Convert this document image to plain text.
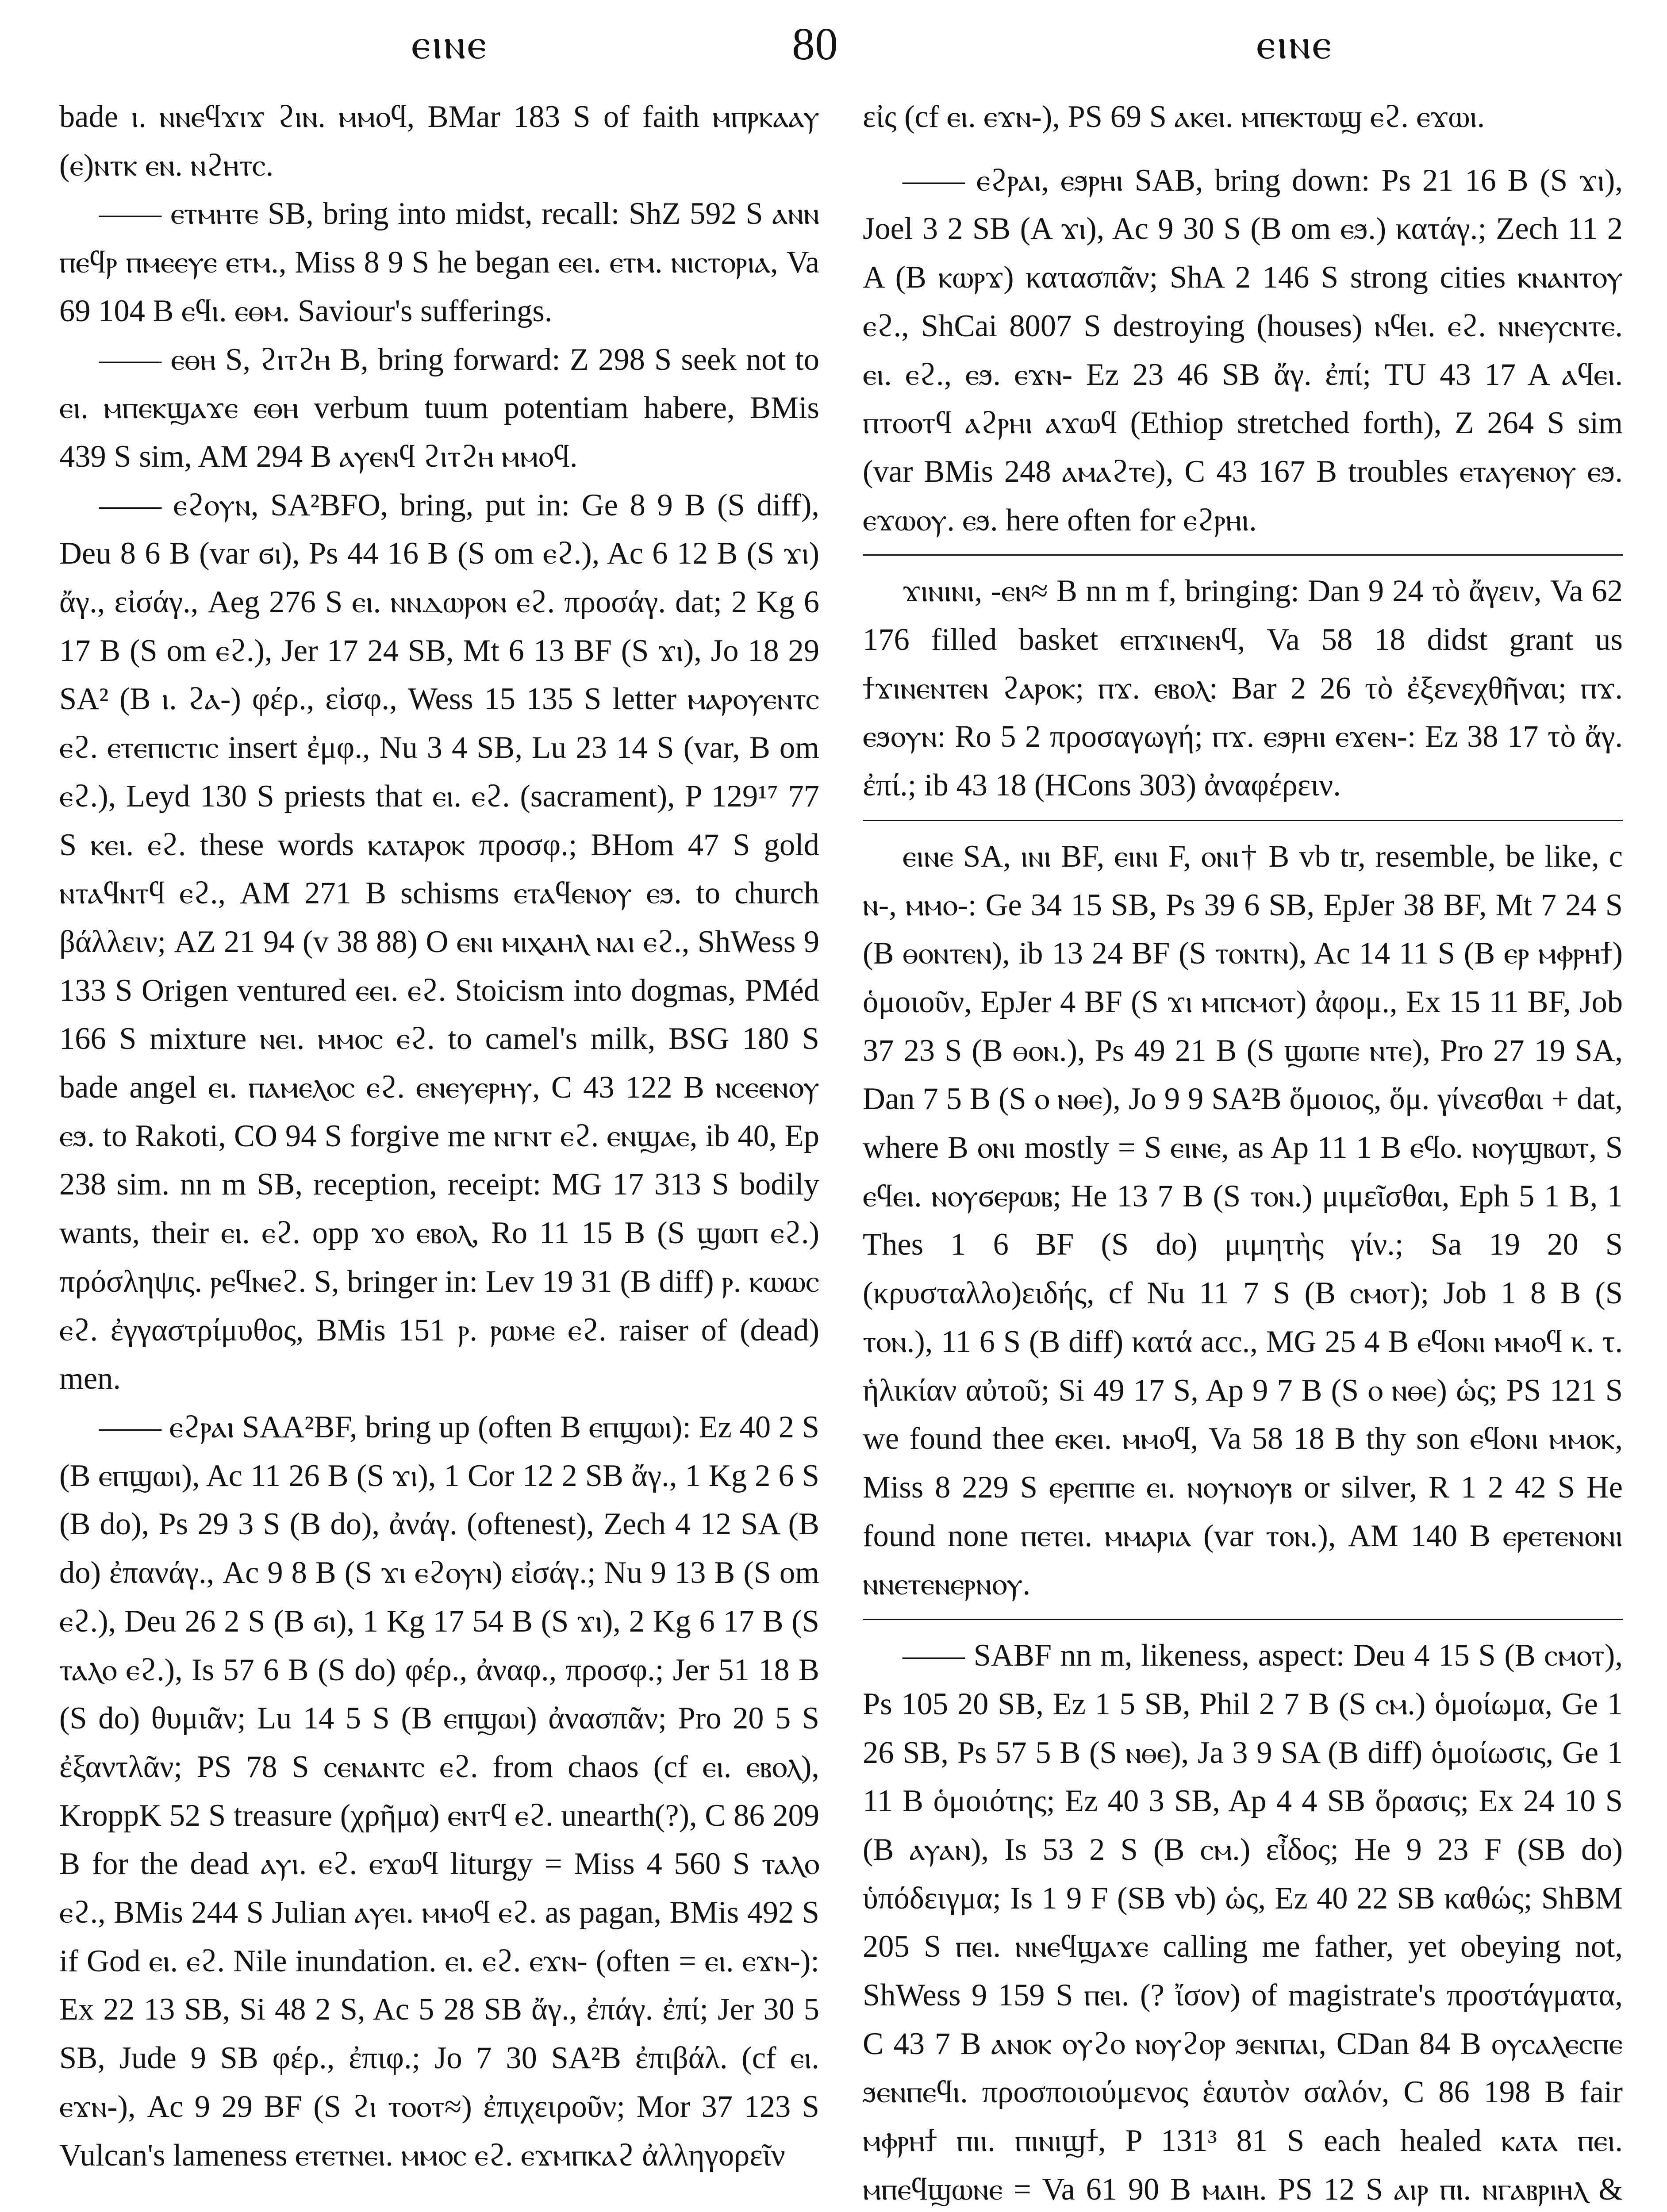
ⲉⲓⲛⲉ	80	ⲉⲓⲛⲉ

bade ⲓ. ⲛⲛⲉϥϫⲓϫ ϩⲓⲛ. ⲙⲙⲟϥ, BMar 183 S of faith ⲙⲡⲣⲕⲁⲁⲩ (ⲉ)ⲛⲧⲕ ⲉⲛ. ⲛϩⲏⲧⲥ.

—— ⲉⲧⲙⲏⲧⲉ SB, bring into midst, recall: ShZ 592 S ⲁⲛⲛ ⲡⲉϥⲣ ⲡⲙⲉⲉⲩⲉ ⲉⲧⲙ., Miss 8 9 S he began ⲉⲉⲓ. ⲉⲧⲙ. ⲛⲓⲥⲧⲟⲣⲓⲁ, Va 69 104 B ⲉϥⲓ. ⲉⲑⲙ. Saviour's sufferings.

—— ⲉⲑⲏ S, ϩⲓⲧϩⲏ B, bring forward: Z 298 S seek not to ⲉⲓ. ⲙⲡⲉⲕϣⲁϫⲉ ⲉⲑⲏ verbum tuum potentiam habere, BMis 439 S sim, AM 294 B ⲁⲩⲉⲛϥ ϩⲓⲧϩⲏ ⲙⲙⲟϥ.

—— ⲉϩⲟⲩⲛ, SA²BFO, bring, put in: Ge 8 9 B (S diff), Deu 8 6 B (var ϭⲓ), Ps 44 16 B (S om ⲉϩ.), Ac 6 12 B (S ϫⲓ) ἄγ., εἰσάγ., Aeg 276 S ⲉⲓ. ⲛⲛⲇⲱⲣⲟⲛ ⲉϩ. προσάγ. dat; 2 Kg 6 17 B (S om ⲉϩ.), Jer 17 24 SB, Mt 6 13 BF (S ϫⲓ), Jo 18 29 SA² (B ⲓ. ϩⲁ-) φέρ., εἰσφ., Wess 15 135 S letter ⲙⲁⲣⲟⲩⲉⲛⲧⲥ ⲉϩ. ⲉⲧⲉⲡⲓⲥⲧⲓⲥ insert ἐμφ., Nu 3 4 SB, Lu 23 14 S (var, B om ⲉϩ.), Leyd 130 S priests that ⲉⲓ. ⲉϩ. (sacrament), P 129¹⁷ 77 S ⲕⲉⲓ. ⲉϩ. these words ⲕⲁⲧⲁⲣⲟⲕ προσφ.; BHom 47 S gold ⲛⲧⲁϥⲛⲧϥ ⲉϩ., AM 271 B schisms ⲉⲧⲁϥⲉⲛⲟⲩ ⲉϧ. to church βάλλειν; AZ 21 94 (v 38 88) O ⲉⲛⲓ ⲙⲓⲭⲁⲏⲗ ⲛⲁⲓ ⲉϩ., ShWess 9 133 S Origen ventured ⲉⲉⲓ. ⲉϩ. Stoicism into dogmas, PMéd 166 S mixture ⲛⲉⲓ. ⲙⲙⲟⲥ ⲉϩ. to camel's milk, BSG 180 S bade angel ⲉⲓ. ⲡⲁⲙⲉⲗⲟⲥ ⲉϩ. ⲉⲛⲉⲩⲉⲣⲏⲩ, C 43 122 B ⲛⲥⲉⲉⲛⲟⲩ ⲉϧ. to Rakoti, CO 94 S forgive me ⲛⲅⲛⲧ ⲉϩ. ⲉⲛϣⲁⲉ, ib 40, Ep 238 sim. nn m SB, reception, receipt: MG 17 313 S bodily wants, their ⲉⲓ. ⲉϩ. opp ϫⲟ ⲉⲃⲟⲗ, Ro 11 15 B (S ϣⲱⲡ ⲉϩ.) πρόσληψις. ⲣⲉϥⲛⲉϩ. S, bringer in: Lev 19 31 (B diff) ⲣ. ⲕⲱⲱⲥ ⲉϩ. ἐγγαστρίμυθος, BMis 151 ⲣ. ⲣⲱⲙⲉ ⲉϩ. raiser of (dead) men.

—— ⲉϩⲣⲁⲓ SAA²BF, bring up (often B ⲉⲡϣⲱⲓ): Ez 40 2 S (B ⲉⲡϣⲱⲓ), Ac 11 26 B (S ϫⲓ), 1 Cor 12 2 SB ἄγ., 1 Kg 2 6 S (B do), Ps 29 3 S (B do), ἀνάγ. (oftenest), Zech 4 12 SA (B do) ἐπανάγ., Ac 9 8 B (S ϫⲓ ⲉϩⲟⲩⲛ) εἰσάγ.; Nu 9 13 B (S om ⲉϩ.), Deu 26 2 S (B ϭⲓ), 1 Kg 17 54 B (S ϫⲓ), 2 Kg 6 17 B (S ⲧⲁⲗⲟ ⲉϩ.), Is 57 6 B (S do) φέρ., ἀναφ., προσφ.; Jer 51 18 B (S do) θυμιᾶν; Lu 14 5 S (B ⲉⲡϣⲱⲓ) ἀνασπᾶν; Pro 20 5 S ἐξαντλᾶν; PS 78 S ⲥⲉⲛⲁⲛⲧⲥ ⲉϩ. from chaos (cf ⲉⲓ. ⲉⲃⲟⲗ), KroppK 52 S treasure (χρῆμα) ⲉⲛⲧϥ ⲉϩ. unearth(?), C 86 209 B for the dead ⲁⲩⲓ. ⲉϩ. ⲉϫⲱϥ liturgy = Miss 4 560 S ⲧⲁⲗⲟ ⲉϩ., BMis 244 S Julian ⲁⲩⲉⲓ. ⲙⲙⲟϥ ⲉϩ. as pagan, BMis 492 S if God ⲉⲓ. ⲉϩ. Nile inundation. ⲉⲓ. ⲉϩ. ⲉϫⲛ- (often = ⲉⲓ. ⲉϫⲛ-): Ex 22 13 SB, Si 48 2 S, Ac 5 28 SB ἄγ., ἐπάγ. ἐπί; Jer 30 5 SB, Jude 9 SB φέρ., ἐπιφ.; Jo 7 30 SA²B ἐπιβάλ. (cf ⲉⲓ. ⲉϫⲛ-), Ac 9 29 BF (S ϩⲓ ⲧⲟⲟⲧ≈) ἐπιχειροῦν; Mor 37 123 S Vulcan's lameness ⲉⲧⲉⲧⲛⲉⲓ. ⲙⲙⲟⲥ ⲉϩ. ⲉϫⲙⲡⲕⲁϩ ἀλληγορεῖν

εἰς (cf ⲉⲓ. ⲉϫⲛ-), PS 69 S ⲁⲕⲉⲓ. ⲙⲡⲉⲕⲧⲱϣ ⲉϩ. ⲉϫⲱⲓ.

—— ⲉϩⲣⲁⲓ, ⲉϧⲣⲏⲓ SAB, bring down: Ps 21 16 B (S ϫⲓ), Joel 3 2 SB (A ϫⲓ), Ac 9 30 S (B om ⲉϧ.) κατάγ.; Zech 11 2 A (B ⲕⲱⲣϫ) κατασπᾶν; ShA 2 146 S strong cities ⲕⲛⲁⲛⲧⲟⲩ ⲉϩ., ShCai 8007 S destroying (houses) ⲛϥⲉⲓ. ⲉϩ. ⲛⲛⲉⲩⲥⲛⲧⲉ. ⲉⲓ. ⲉϩ., ⲉϧ. ⲉϫⲛ- Ez 23 46 SB ἄγ. ἐπί; TU 43 17 A ⲁϥⲉⲓ. ⲡⲧⲟⲟⲧϥ ⲁϩⲣⲏⲓ ⲁϫⲱϥ (Ethiop stretched forth), Z 264 S sim (var BMis 248 ⲁⲙⲁϩⲧⲉ), C 43 167 B troubles ⲉⲧⲁⲩⲉⲛⲟⲩ ⲉϧ. ⲉϫⲱⲟⲩ. ⲉϧ. here often for ⲉϩⲣⲏⲓ.

ϫⲓⲛⲓⲛⲓ, -ⲉⲛ≈ B nn m f, bringing: Dan 9 24 τὸ ἄγειν, Va 62 176 filled basket ⲉⲡϫⲓⲛⲉⲛϥ, Va 58 18 didst grant us ϯϫⲓⲛⲉⲛⲧⲉⲛ ϩⲁⲣⲟⲕ; ⲡϫ. ⲉⲃⲟⲗ: Bar 2 26 τὸ ἐξενεχθῆναι; ⲡϫ. ⲉϧⲟⲩⲛ: Ro 5 2 προσαγωγή; ⲡϫ. ⲉϧⲣⲏⲓ ⲉϫⲉⲛ-: Ez 38 17 τὸ ἄγ. ἐπί.; ib 43 18 (HCons 303) ἀναφέρειν.

ⲉⲓⲛⲉ SA, ⲓⲛⲓ BF, ⲉⲓⲛⲓ F, ⲟⲛⲓ† B vb tr, resemble, be like, c ⲛ-, ⲙⲙⲟ-: Ge 34 15 SB, Ps 39 6 SB, EpJer 38 BF, Mt 7 24 S (B ⲑⲟⲛⲧⲉⲛ), ib 13 24 BF (S ⲧⲟⲛⲧⲛ), Ac 14 11 S (B ⲉⲣ ⲙⲫⲣⲏϯ) ὁμοιοῦν, EpJer 4 BF (S ϫⲓ ⲙⲡⲥⲙⲟⲧ) ἀφομ., Ex 15 11 BF, Job 37 23 S (B ⲑⲟⲛ.), Ps 49 21 B (S ϣⲱⲡⲉ ⲛⲧⲉ), Pro 27 19 SA, Dan 7 5 B (S ⲟ ⲛⲑⲉ), Jo 9 9 SA²B ὅμοιος, ὅμ. γίνεσθαι + dat, where B ⲟⲛⲓ mostly = S ⲉⲓⲛⲉ, as Ap 11 1 B ⲉϥⲟ. ⲛⲟⲩϣⲃⲱⲧ, S ⲉϥⲉⲓ. ⲛⲟⲩϭⲉⲣⲱⲃ; He 13 7 B (S ⲧⲟⲛ.) μιμεῖσθαι, Eph 5 1 B, 1 Thes 1 6 BF (S do) μιμητὴς γίν.; Sa 19 20 S (κρυσταλλο)ειδής, cf Nu 11 7 S (B ⲥⲙⲟⲧ); Job 1 8 B (S ⲧⲟⲛ.), 11 6 S (B diff) κατά acc., MG 25 4 B ⲉϥⲟⲛⲓ ⲙⲙⲟϥ κ. τ. ἡλικίαν αὐτοῦ; Si 49 17 S, Ap 9 7 B (S ⲟ ⲛⲑⲉ) ὡς; PS 121 S we found thee ⲉⲕⲉⲓ. ⲙⲙⲟϥ, Va 58 18 B thy son ⲉϥⲟⲛⲓ ⲙⲙⲟⲕ, Miss 8 229 S ⲉⲣⲉⲡⲡⲉ ⲉⲓ. ⲛⲟⲩⲛⲟⲩⲃ or silver, R 1 2 42 S He found none ⲡⲉⲧⲉⲓ. ⲙⲙⲁⲣⲓⲁ (var ⲧⲟⲛ.), AM 140 B ⲉⲣⲉⲧⲉⲛⲟⲛⲓ ⲛⲛⲉⲧⲉⲛⲉⲣⲛⲟⲩ.

—— SABF nn m, likeness, aspect: Deu 4 15 S (B ⲥⲙⲟⲧ), Ps 105 20 SB, Ez 1 5 SB, Phil 2 7 B (S ⲥⲙ.) ὁμοίωμα, Ge 1 26 SB, Ps 57 5 B (S ⲛⲑⲉ), Ja 3 9 SA (B diff) ὁμοίωσις, Ge 1 11 B ὁμοιότης; Ez 40 3 SB, Ap 4 4 SB ὅρασις; Ex 24 10 S (B ⲁⲩⲁⲛ), Is 53 2 S (B ⲥⲙ.) εἶδος; He 9 23 F (SB do) ὑπόδειγμα; Is 1 9 F (SB vb) ὡς, Ez 40 22 SB καθώς; ShBM 205 S ⲡⲉⲓ. ⲛⲛⲉϥϣⲁϫⲉ calling me father, yet obeying not, ShWess 9 159 S ⲡⲉⲓ. (? ἴσον) of magistrate's προστάγματα, C 43 7 B ⲁⲛⲟⲕ ⲟⲩϩⲟ ⲛⲟⲩϩⲟⲣ ϧⲉⲛⲡⲁⲓ, CDan 84 B ⲟⲩⲥⲁⲗⲉⲥⲡⲉ ϧⲉⲛⲡⲉϥⲓ. προσποιούμενος ἑαυτὸν σαλόν, C 86 198 B fair ⲙⲫⲣⲏϯ ⲡⲓⲓ. ⲡⲓⲛⲓϣϯ, P 131³ 81 S each healed ⲕⲁⲧⲁ ⲡⲉⲓ. ⲙⲡⲉϥϣⲱⲛⲉ = Va 61 90 B ⲙⲁⲓⲏ. PS 12 S ⲁⲓⲣ ⲡⲓ. ⲛⲅⲁⲃⲣⲓⲏⲗ &
